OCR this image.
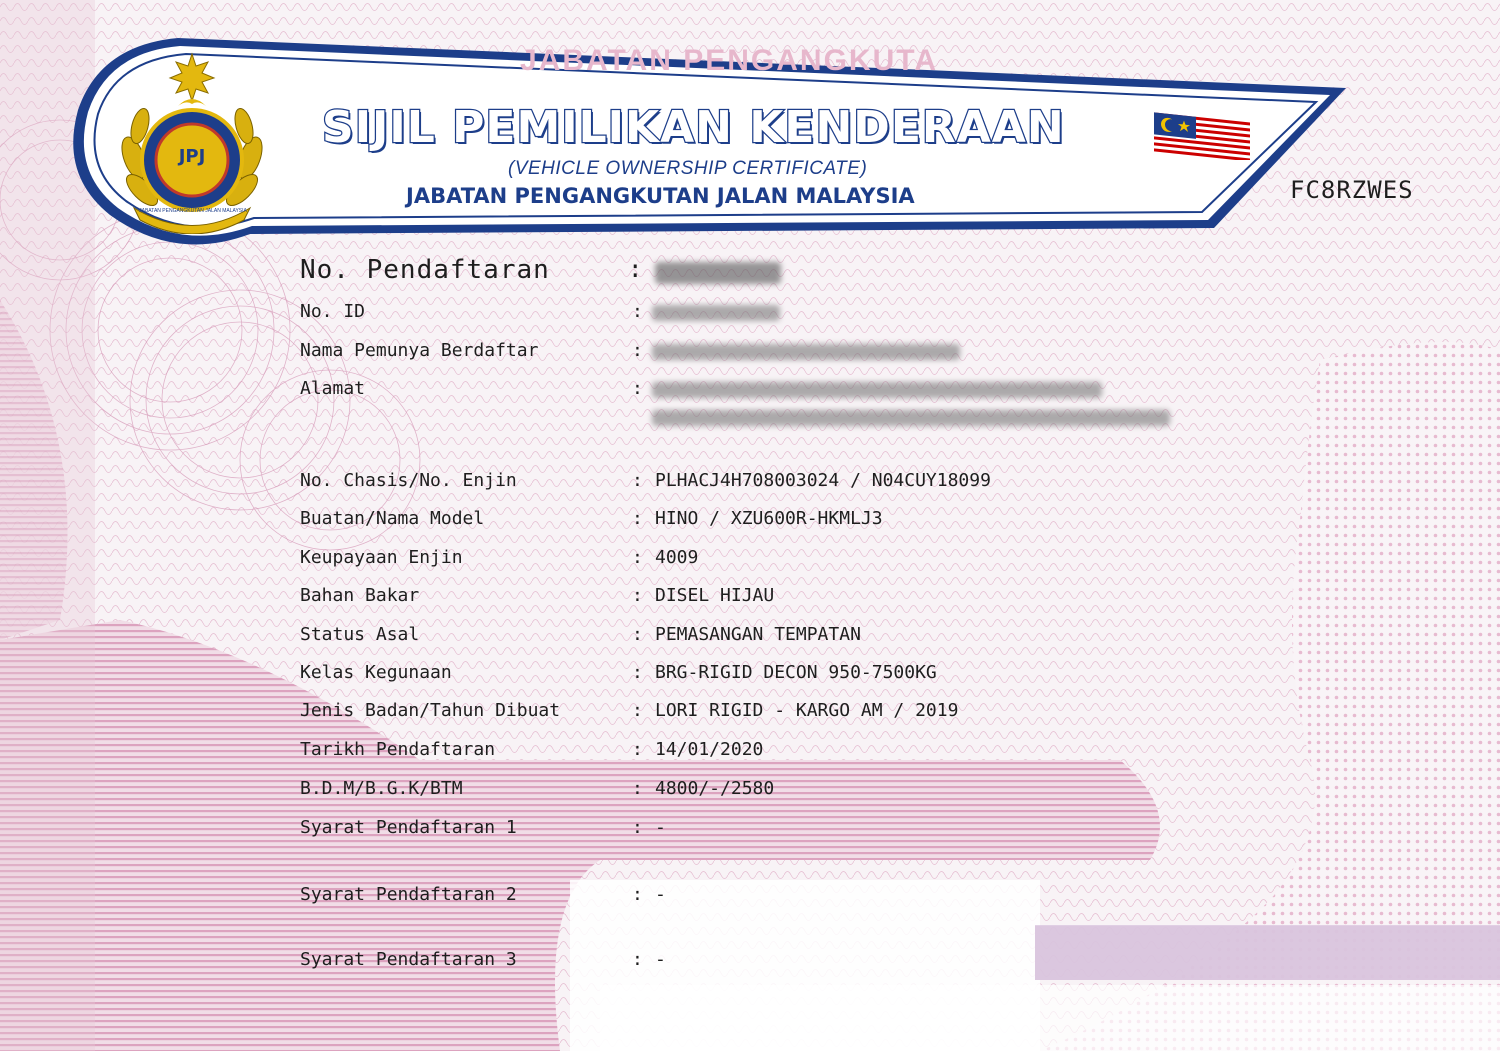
JABATAN PENGANGKUTA
JPJ
JABATAN PENGANGKUTAN JALAN MALAYSIA
SIJIL PEMILIKAN KENDERAAN
(VEHICLE OWNERSHIP CERTIFICATE)
JABATAN PENGANGKUTAN JALAN MALAYSIA	FC8RZWES
No. Pendaftaran	:
No. ID	:
Nama Pemunya Berdaftar	:
Alamat	:
No. Chasis/No. Enjin	: PLHACJ4H708003024 / N04CUY18099
Buatan/Nama Model	: HINO / XZU600R-HKMLJ3
Keupayaan Enjin	: 4009
Bahan Bakar	: DISEL HIJAU
Status Asal	: PEMASANGAN TEMPATAN
Kelas Kegunaan	: BRG-RIGID DECON 950-7500KG
Jenis Badan/Tahun Dibuat	: LORI RIGID - KARGO AM / 2019
Tarikh Pendaftaran	: 14/01/2020
B.D.M/B.G.K/BTM	: 4800/-/2580
Syarat Pendaftaran 1	: -
Syarat Pendaftaran 2	: -
Syarat Pendaftaran 3	: -
